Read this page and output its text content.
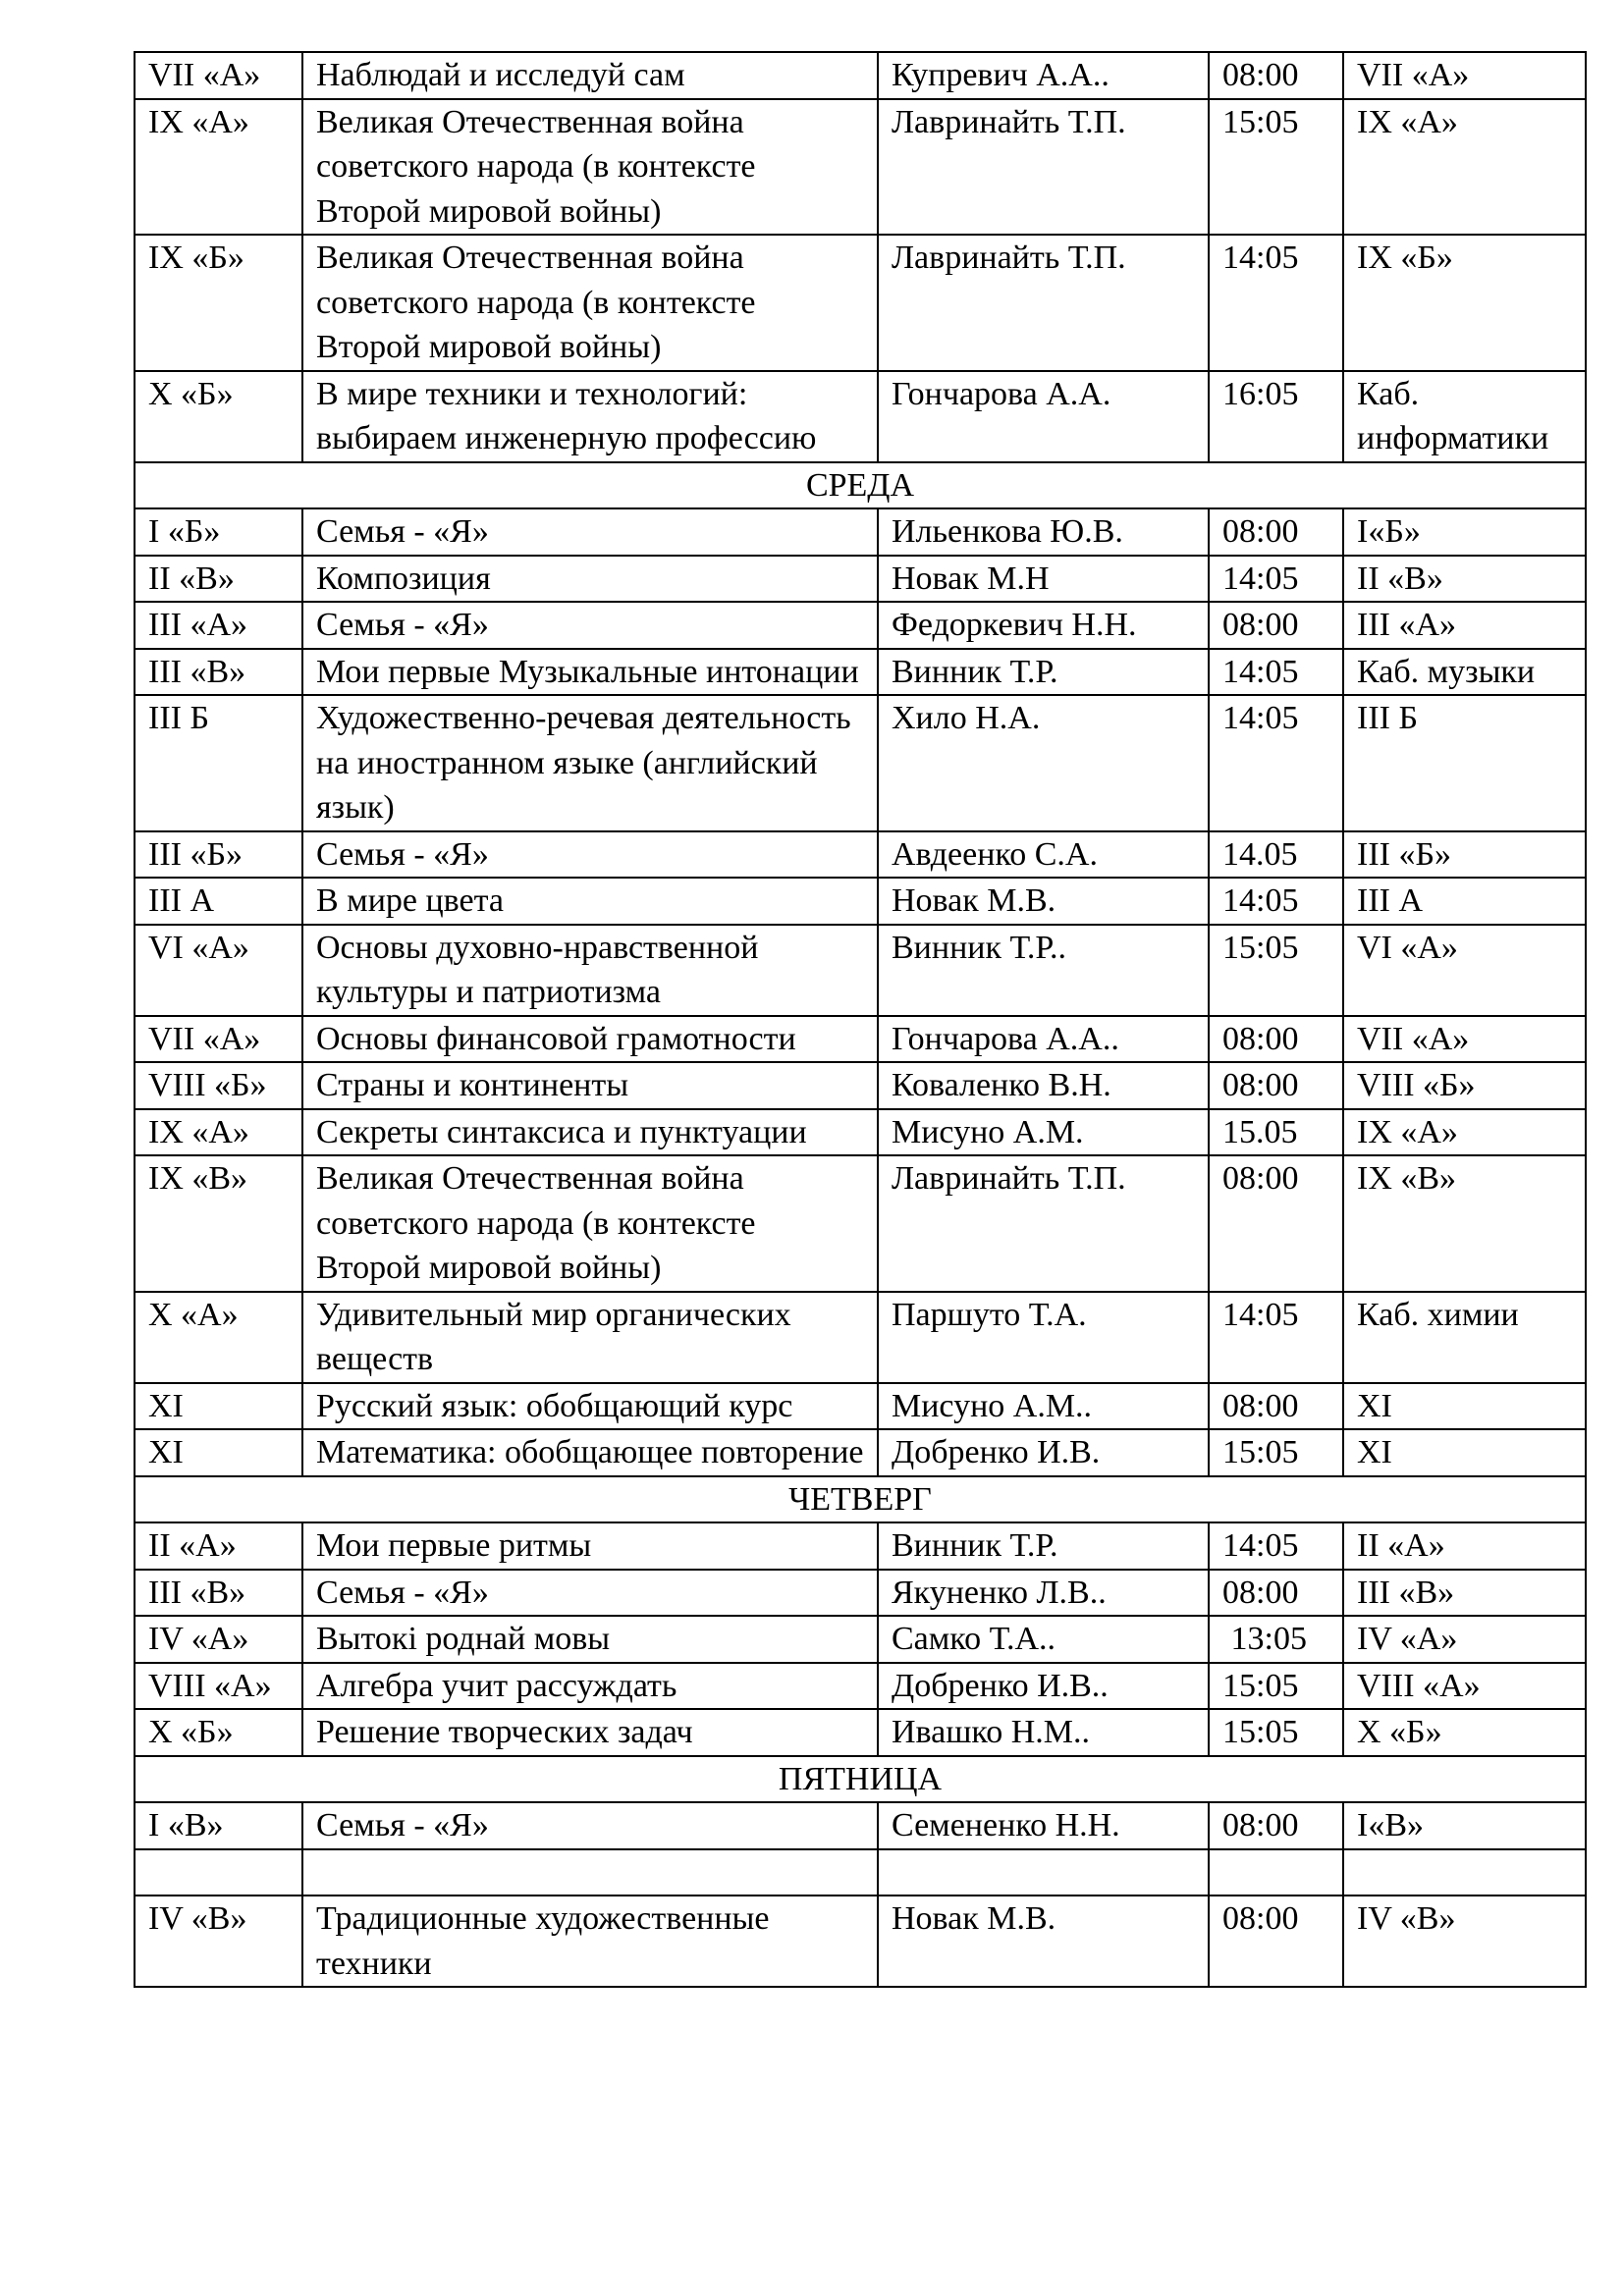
VII «А»	Наблюдай и исследуй сам	Купревич А.А..	08:00	VII «А»
IX «А»	Великая Отечественная война советского народа (в контексте Второй мировой войны)	Лавринайть Т.П.	15:05	IX «А»
IX «Б»	Великая Отечественная война советского народа (в контексте Второй мировой войны)	Лавринайть Т.П.	14:05	IX «Б»
X «Б»	В мире техники и технологий: выбираем инженерную профессию	Гончарова А.А.	16:05	Каб. информатики
СРЕДА				
I «Б»	Семья - «Я»	Ильенкова Ю.В.	08:00	I«Б»
II «В»	Композиция	Новак М.Н	14:05	II «В»
III «А»	Семья - «Я»	Федоркевич Н.Н.	08:00	III «А»
III «В»	Мои первые Музыкальные интонации	Винник Т.Р.	14:05	Каб. музыки
III Б	Художественно-речевая деятельность на иностранном языке (английский язык)	Хило Н.А.	14:05	III Б
III «Б»	Семья - «Я»	Авдеенко С.А.	14.05	III «Б»
III А	В мире цвета	Новак М.В.	14:05	III А
VI «А»	Основы духовно-нравственной культуры и патриотизма	Винник Т.Р..	15:05	VI «А»
VII «А»	Основы финансовой грамотности	Гончарова А.А..	08:00	VII «А»
VIII «Б»	Страны и континенты	Коваленко В.Н.	08:00	VIII «Б»
IX «А»	Секреты синтаксиса и пунктуации	Мисуно А.М.	15.05	IX «А»
IX «В»	Великая Отечественная война советского народа (в контексте Второй мировой войны)	Лавринайть Т.П.	08:00	IX «В»
X «А»	Удивительный мир органических веществ	Паршуто Т.А.	14:05	Каб. химии
XI	Русский язык: обобщающий курс	Мисуно А.М..	08:00	XI
XI	Математика: обобщающее повторение	Добренко И.В.	15:05	XI
ЧЕТВЕРГ				
II «А»	Мои первые ритмы	Винник Т.Р.	14:05	II «А»
III «В»	Семья - «Я»	Якуненко Л.В..	08:00	III «В»
IV «А»	Вытокі роднай мовы	Самко Т.А..	13:05	IV «А»
VIII «А»	Алгебра учит рассуждать	Добренко И.В..	15:05	VIII «А»
X «Б»	Решение творческих задач	Ивашко Н.М..	15:05	X «Б»
ПЯТНИЦА				
I «В»	Семья - «Я»	Семененко Н.Н.	08:00	I«В»

IV «В»	Традиционные художественные техники	Новак М.В.	08:00	IV «В»
